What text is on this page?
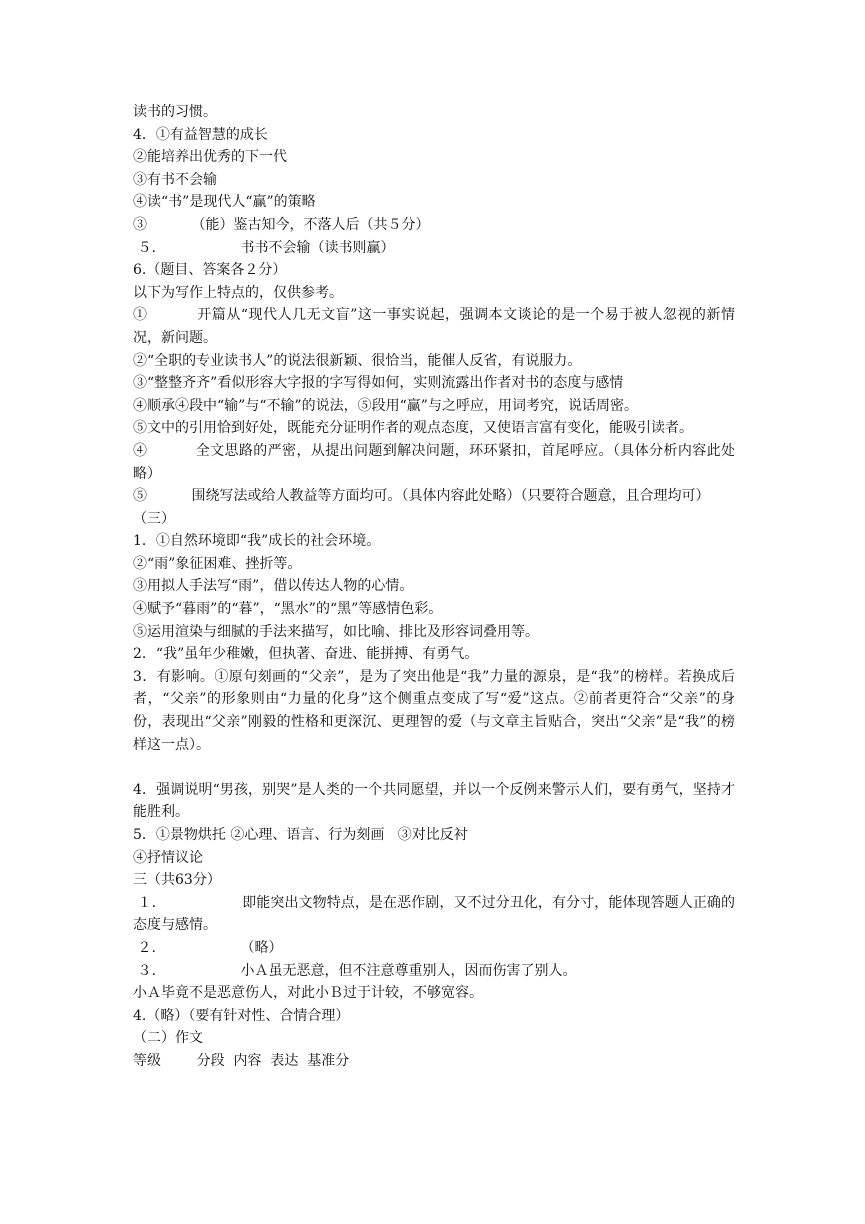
读书的习惯。

4．①有益智慧的成长

②能培养出优秀的下一代

③有书不会输

④读“书”是现代人“赢”的策略

③          （能）鉴古知今，不落人后（共５分）

５.                   书书不会输（读书则赢）

6.（题目、答案各２分）

以下为写作上特点的，仅供参考。

①          开篇从“现代人几无文盲”这一事实说起，强调本文谈论的是一个易于被人忽视的新情况，新问题。

②“全职的专业读书人”的说法很新颖、很恰当，能催人反省，有说服力。

③“整整齐齐”看似形容大字报的字写得如何，实则流露出作者对书的态度与感情

④顺承④段中“输”与“不输”的说法，⑤段用“赢”与之呼应，用词考究，说话周密。

⑤文中的引用恰到好处，既能充分证明作者的观点态度，又使语言富有变化，能吸引读者。

④          全文思路的严密，从提出问题到解决问题，环环紧扣，首尾呼应。（具体分析内容此处略）

⑤          围绕写法或给人教益等方面均可。（具体内容此处略）（只要符合题意，且合理均可）

（三）

1．①自然环境即“我”成长的社会环境。

②“雨”象征困难、挫折等。

③用拟人手法写“雨”，借以传达人物的心情。

④赋予“暮雨”的“暮”，“黑水”的“黑”等感情色彩。

⑤运用渲染与细腻的手法来描写，如比喻、排比及形容词叠用等。

2．“我”虽年少稚嫩，但执著、奋进、能拼搏、有勇气。

3．有影响。①原句刻画的“父亲”，是为了突出他是“我”力量的源泉，是“我”的榜样。若换成后者，“父亲”的形象则由“力量的化身”这个侧重点变成了写“爱”这点。②前者更符合“父亲”的身份，表现出“父亲”刚毅的性格和更深沉、更理智的爱（与文章主旨贴合，突出“父亲”是“我”的榜样这一点）。

4．强调说明“男孩，别哭”是人类的一个共同愿望，并以一个反例来警示人们，要有勇气，坚持才能胜利。

5．①景物烘托 ②心理、语言、行为刻画   ③对比反衬

④抒情议论

三（共63分）

１.                   即能突出文物特点，是在恶作剧，又不过分丑化，有分寸，能体现答题人正确的态度与感情。

２.                   （略）

３.                   小Ａ虽无恶意，但不注意尊重别人，因而伤害了别人。

小Ａ毕竟不是恶意伤人，对此小Ｂ过于计较，不够宽容。

4.（略）（要有针对性、合情合理）

（二）作文

等级        分段  内容  表达  基准分
